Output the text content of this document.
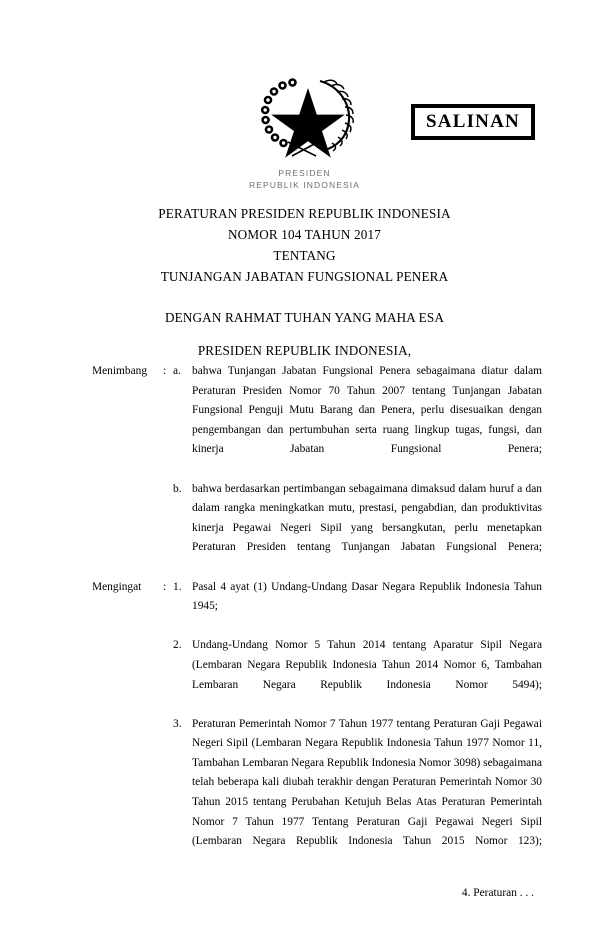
SALINAN
PRESIDEN
REPUBLIK INDONESIA
PERATURAN PRESIDEN REPUBLIK INDONESIA
NOMOR 104 TAHUN 2017
TENTANG
TUNJANGAN JABATAN FUNGSIONAL PENERA
DENGAN RAHMAT TUHAN YANG MAHA ESA
PRESIDEN REPUBLIK INDONESIA,
Menimbang	: a. bahwa Tunjangan Jabatan Fungsional Penera sebagaimana diatur dalam Peraturan Presiden Nomor 70 Tahun 2007 tentang Tunjangan Jabatan Fungsional Penguji Mutu Barang dan Penera, perlu disesuaikan dengan pengembangan dan pertumbuhan serta ruang lingkup tugas, fungsi, dan kinerja Jabatan Fungsional Penera;
b. bahwa berdasarkan pertimbangan sebagaimana dimaksud dalam huruf a dan dalam rangka meningkatkan mutu, prestasi, pengabdian, dan produktivitas kinerja Pegawai Negeri Sipil yang bersangkutan, perlu menetapkan Peraturan Presiden tentang Tunjangan Jabatan Fungsional Penera;
Mengingat	: 1. Pasal 4 ayat (1) Undang-Undang Dasar Negara Republik Indonesia Tahun 1945;
2. Undang-Undang Nomor 5 Tahun 2014 tentang Aparatur Sipil Negara (Lembaran Negara Republik Indonesia Tahun 2014 Nomor 6, Tambahan Lembaran Negara Republik Indonesia Nomor 5494);
3. Peraturan Pemerintah Nomor 7 Tahun 1977 tentang Peraturan Gaji Pegawai Negeri Sipil (Lembaran Negara Republik Indonesia Tahun 1977 Nomor 11, Tambahan Lembaran Negara Republik Indonesia Nomor 3098) sebagaimana telah beberapa kali diubah terakhir dengan Peraturan Pemerintah Nomor 30 Tahun 2015 tentang Perubahan Ketujuh Belas Atas Peraturan Pemerintah Nomor 7 Tahun 1977 Tentang Peraturan Gaji Pegawai Negeri Sipil (Lembaran Negara Republik Indonesia Tahun 2015 Nomor 123);
4. Peraturan . . .
